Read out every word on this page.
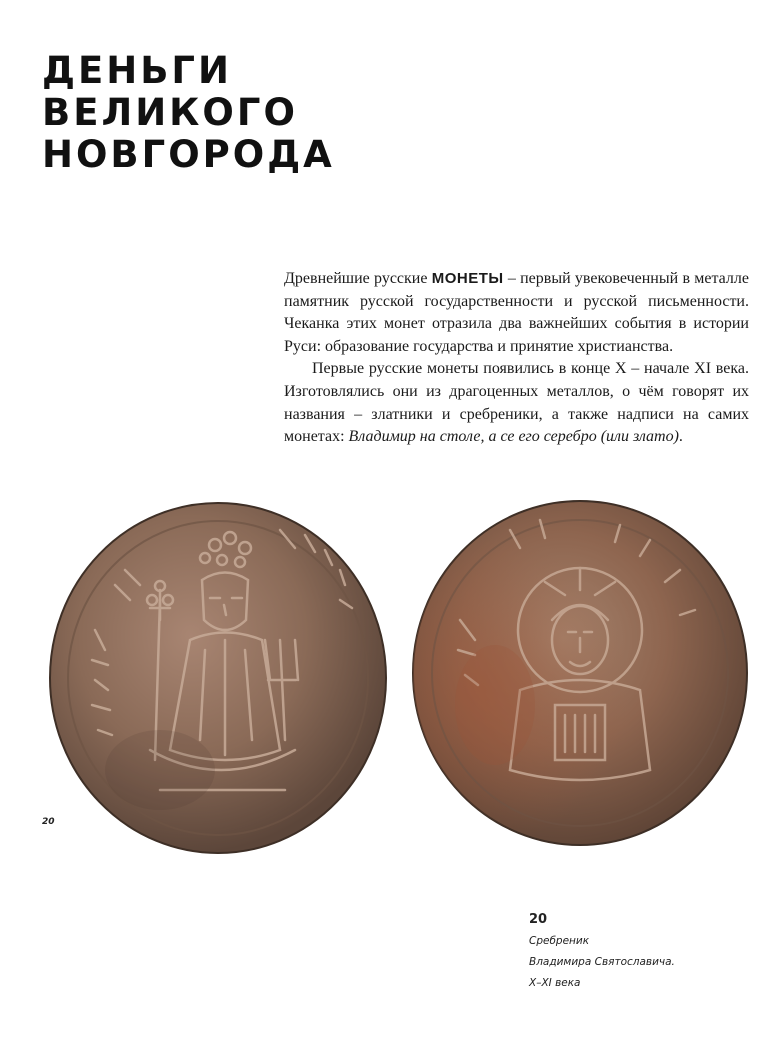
ДЕНЬГИ
ВЕЛИКОГО
НОВГОРОДА

Древнейшие русские МОНЕТЫ – первый увековеченный в металле памятник русской государственности и русской письменности. Чеканка этих монет отразила два важнейших события в истории Руси: образование государства и принятие христианства.

Первые русские монеты появились в конце X – начале XI века. Изготовлялись они из драгоценных металлов, о чём говорят их названия – златники и сребреники, а также надписи на самих монетах: Владимир на столе, а се его серебро (или злато).

20
20
Сребреник
Владимира Святославича.
X–XI века
